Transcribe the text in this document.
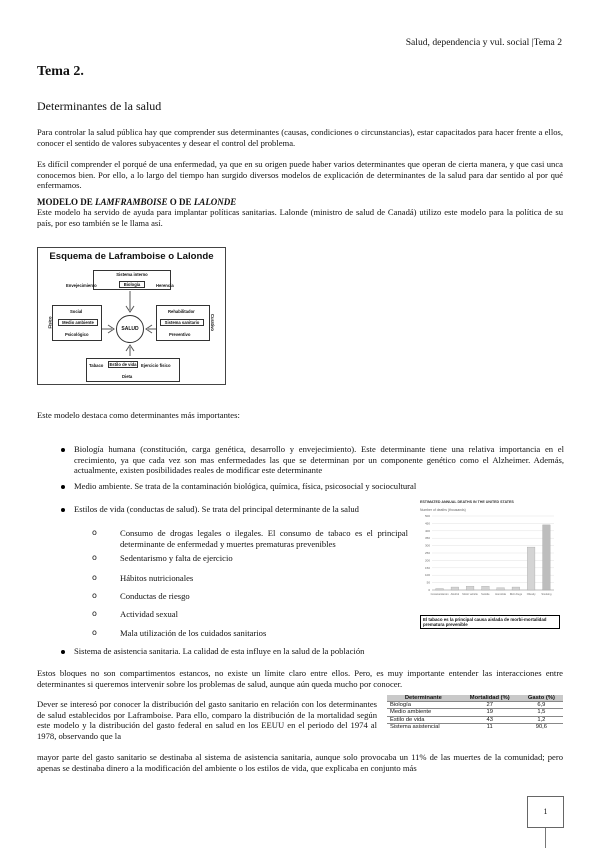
Salud, dependencia y vul. social |Tema 2
Tema 2.
Determinantes de la salud
Para controlar la salud pública hay que comprender sus determinantes (causas, condiciones o circunstancias), estar capacitados para hacer frente a ellos, conocer el sentido de valores subyacentes y desear el control del problema.
Es difícil comprender el porqué de una enfermedad, ya que en su origen puede haber varios determinantes que operan de cierta manera, y que casi unca conocemos bien. Por ello, a lo largo del tiempo han surgido diversos modelos de explicación de determinantes de la salud para dar sentido al por qué enfermamos.
MODELO DE LAMFRAMBOISE O DE LALONDE
Este modelo ha servido de ayuda para implantar políticas sanitarias. Lalonde (ministro de salud de Canadá) utilizo este modelo para la política de su país, por eso también se le llama así.
Esquema de Laframboise o Lalonde
Sistema interno
Envejecimiento	Biología	Herencia
Físico
Social
Medio ambiente
Psicológico
SALUD
Rehabilitador
Sistema sanitario
Preventivo
Curativo
Tabaco	Estilo de vida	Ejercicio físico
Dieta
Este modelo destaca como determinantes más importantes:
Biología humana (constitución, carga genética, desarrollo y envejecimiento). Este determinante tiene una relativa importancia en el crecimiento, ya que cada vez son mas enfermedades las que se determinan por un componente genético como el Alzheimer. Además, actualmente, existen posibilidades reales de modificar este determinante
Medio ambiente. Se trata de la contaminación biológica, química, física, psicosocial y sociocultural
Estilos de vida (conductas de salud). Se trata del principal determinante de la salud
o	Consumo de drogas legales o ilegales. El consumo de tabaco es el principal determinante de enfermedad y muertes prematuras prevenibles
o	Sedentarismo y falta de ejercicio
o	Hábitos nutricionales
o	Conductas de riesgo
o	Actividad sexual
o	Mala utilización de los cuidados sanitarios
Sistema de asistencia sanitaria. La calidad de esta influye en la salud de la población
ESTIMATED ANNUAL DEATHS IN THE UNITED STATES
Number of deaths (thousands)
0
50
100
150
200
250
300
350
400
450
500
Cocaine/Heroin Alcohol Motor vehicle Suicide Homicide Illicit drugs Obesity Smoking
El tabaco es la principal causa aislada de morbi-mortalidad prematura prevenible
Estos bloques no son compartimentos estancos, no existe un límite claro entre ellos. Pero, es muy importante entender las interacciones entre determinantes si queremos intervenir sobre los problemas de salud, aunque aún queda mucho por conocer.
Dever se interesó por conocer la distribución del gasto sanitario en relación con los determinantes de salud establecidos por Laframboise. Para ello, comparo la distribución de la mortalidad según este modelo y la distribución del gasto federal en salud en los EEUU en el periodo del 1974 al 1978, observando que la
Determinante	Mortalidad (%)	Gasto (%)
Biología	27	6,9
Medio ambiente	19	1,5
Estilo de vida	43	1,2
Sistema asistencial	11	90,6
mayor parte del gasto sanitario se destinaba al sistema de asistencia sanitaria, aunque solo provocaba un 11% de las muertes de la comunidad; pero apenas se destinaba dinero a la modificación del ambiente o los estilos de vida, que explicaba en conjunto más
1
